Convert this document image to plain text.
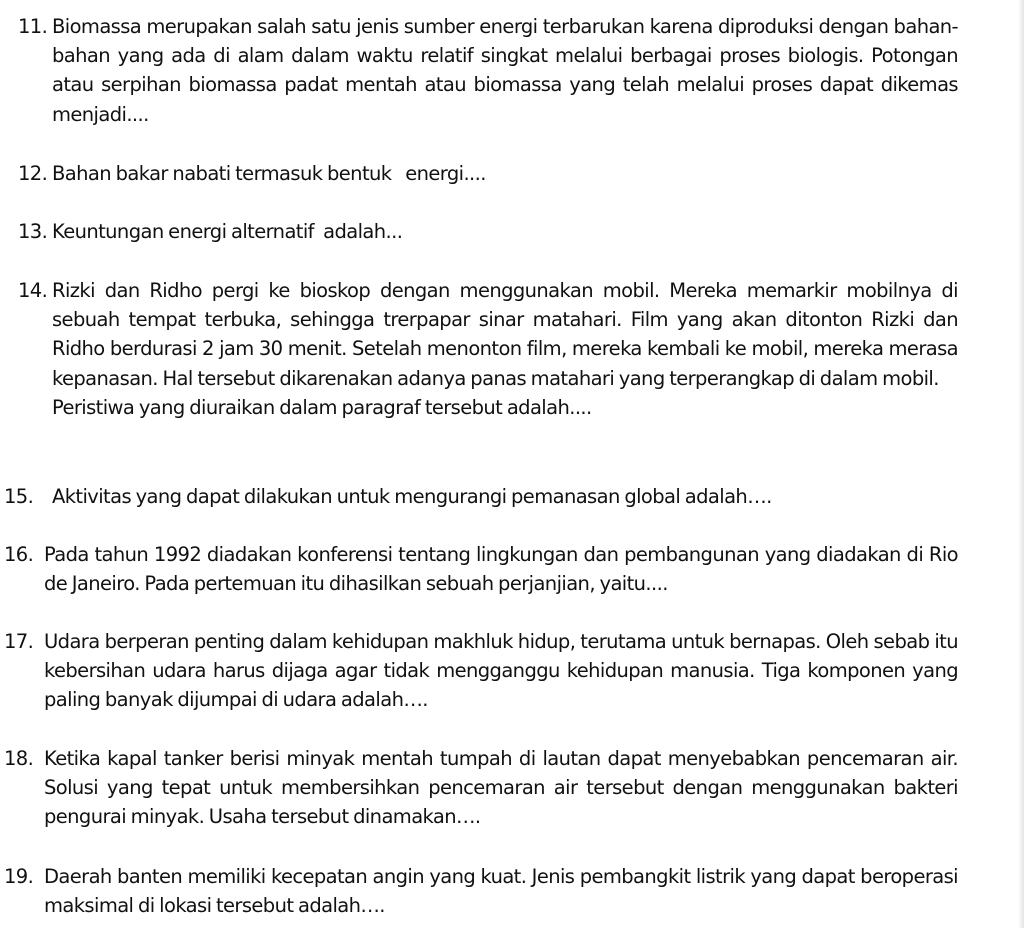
11. Biomassa merupakan salah satu jenis sumber energi terbarukan karena diproduksi dengan bahan-bahan yang ada di alam dalam waktu relatif singkat melalui berbagai proses biologis. Potongan atau serpihan biomassa padat mentah atau biomassa yang telah melalui proses dapat dikemas menjadi....

12. Bahan bakar nabati termasuk bentuk   energi....

13. Keuntungan energi alternatif  adalah...

14. Rizki dan Ridho pergi ke bioskop dengan menggunakan mobil. Mereka memarkir mobilnya di sebuah tempat terbuka, sehingga trerpapar sinar matahari. Film yang akan ditonton Rizki dan Ridho berdurasi 2 jam 30 menit. Setelah menonton film, mereka kembali ke mobil, mereka merasa kepanasan. Hal tersebut dikarenakan adanya panas matahari yang terperangkap di dalam mobil.

Peristiwa yang diuraikan dalam paragraf tersebut adalah....

15. Aktivitas yang dapat dilakukan untuk mengurangi pemanasan global adalah….

16. Pada tahun 1992 diadakan konferensi tentang lingkungan dan pembangunan yang diadakan di Rio de Janeiro. Pada pertemuan itu dihasilkan sebuah perjanjian, yaitu....

17. Udara berperan penting dalam kehidupan makhluk hidup, terutama untuk bernapas. Oleh sebab itu kebersihan udara harus dijaga agar tidak mengganggu kehidupan manusia. Tiga komponen yang paling banyak dijumpai di udara adalah….

18. Ketika kapal tanker berisi minyak mentah tumpah di lautan dapat menyebabkan pencemaran air. Solusi yang tepat untuk membersihkan pencemaran air tersebut dengan menggunakan bakteri pengurai minyak. Usaha tersebut dinamakan….

19. Daerah banten memiliki kecepatan angin yang kuat. Jenis pembangkit listrik yang dapat beroperasi maksimal di lokasi tersebut adalah….
